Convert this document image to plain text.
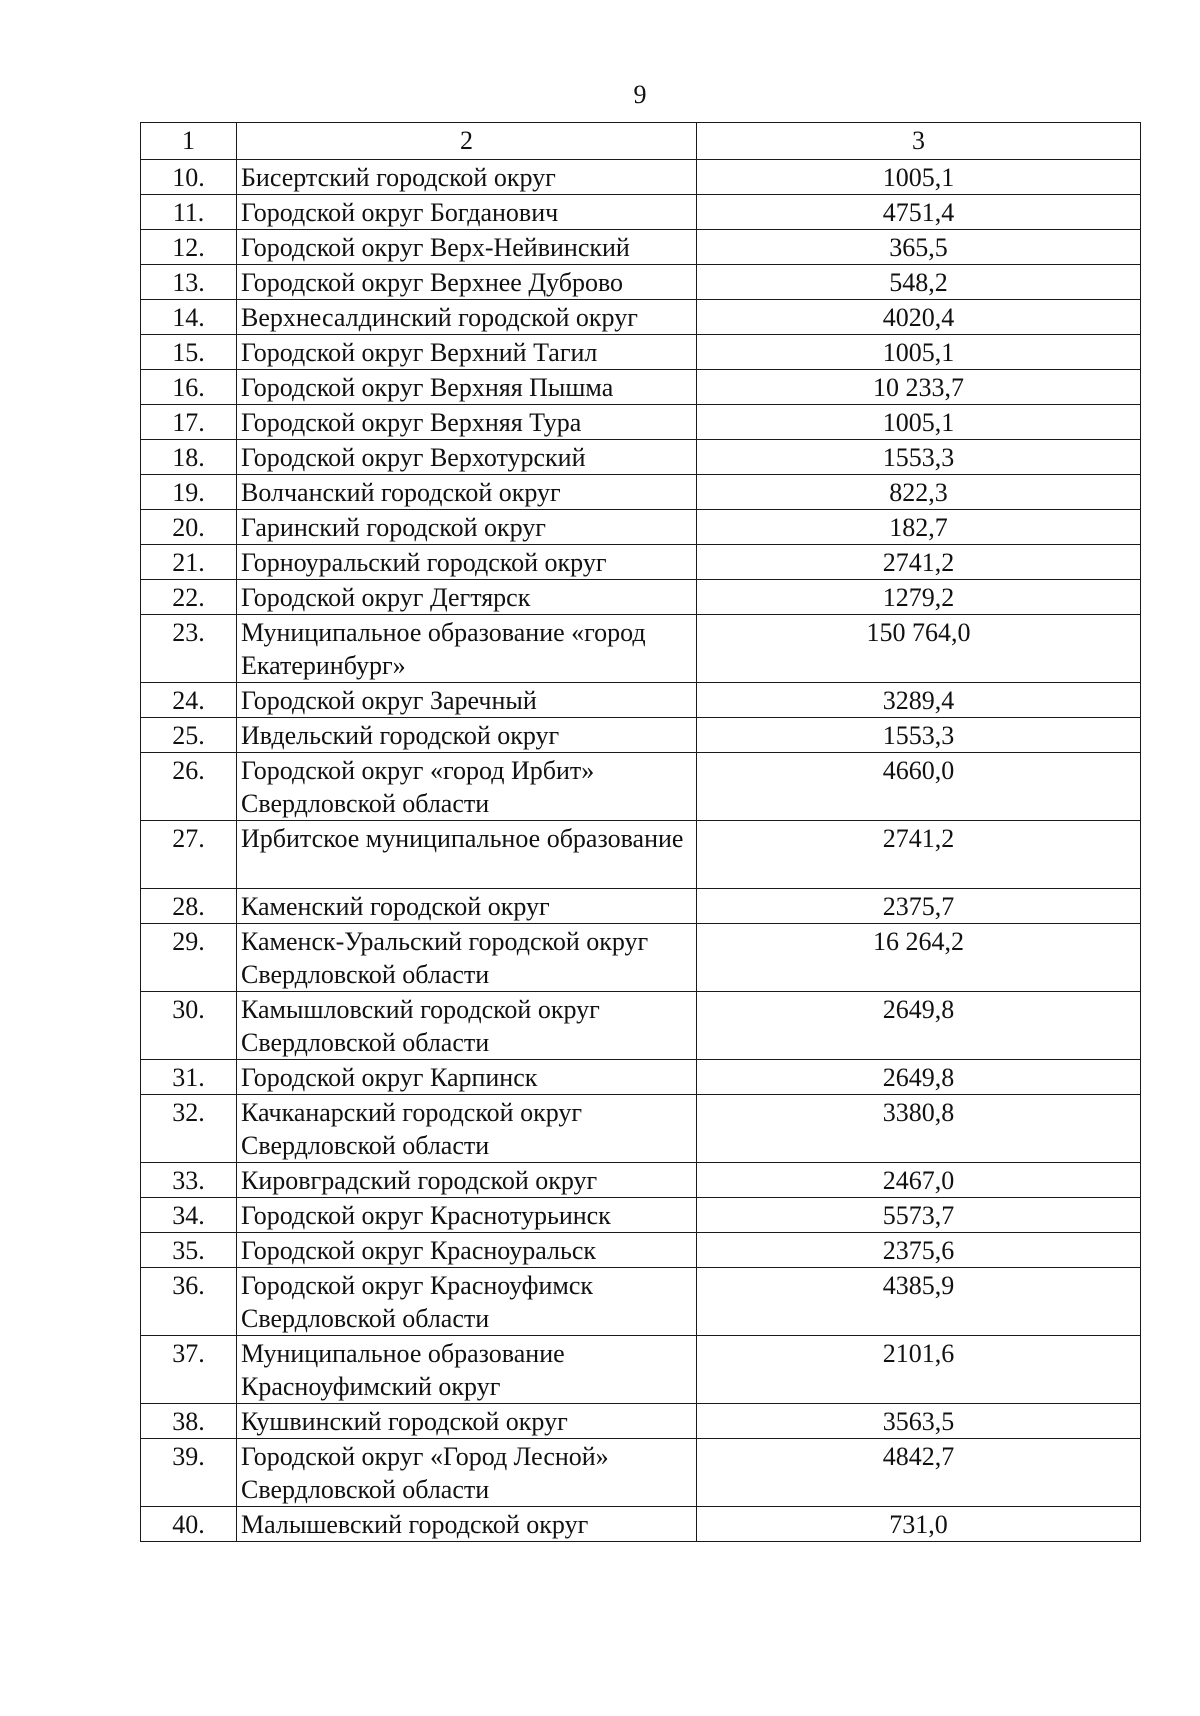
9
1	2	3
10.	Бисертский городской округ	1005,1
11.	Городской округ Богданович	4751,4
12.	Городской округ Верх-Нейвинский	365,5
13.	Городской округ Верхнее Дуброво	548,2
14.	Верхнесалдинский городской округ	4020,4
15.	Городской округ Верхний Тагил	1005,1
16.	Городской округ Верхняя Пышма	10 233,7
17.	Городской округ Верхняя Тура	1005,1
18.	Городской округ Верхотурский	1553,3
19.	Волчанский городской округ	822,3
20.	Гаринский городской округ	182,7
21.	Горноуральский городской округ	2741,2
22.	Городской округ Дегтярск	1279,2
23.	Муниципальное образование «город Екатеринбург»	150 764,0
24.	Городской округ Заречный	3289,4
25.	Ивдельский городской округ	1553,3
26.	Городской округ «город Ирбит» Свердловской области	4660,0
27.	Ирбитское муниципальное образование	2741,2
28.	Каменский городской округ	2375,7
29.	Каменск-Уральский городской округ Свердловской области	16 264,2
30.	Камышловский городской округ Свердловской области	2649,8
31.	Городской округ Карпинск	2649,8
32.	Качканарский городской округ Свердловской области	3380,8
33.	Кировградский городской округ	2467,0
34.	Городской округ Краснотурьинск	5573,7
35.	Городской округ Красноуральск	2375,6
36.	Городской округ Красноуфимск Свердловской области	4385,9
37.	Муниципальное образование Красноуфимский округ	2101,6
38.	Кушвинский городской округ	3563,5
39.	Городской округ «Город Лесной» Свердловской области	4842,7
40.	Малышевский городской округ	731,0
